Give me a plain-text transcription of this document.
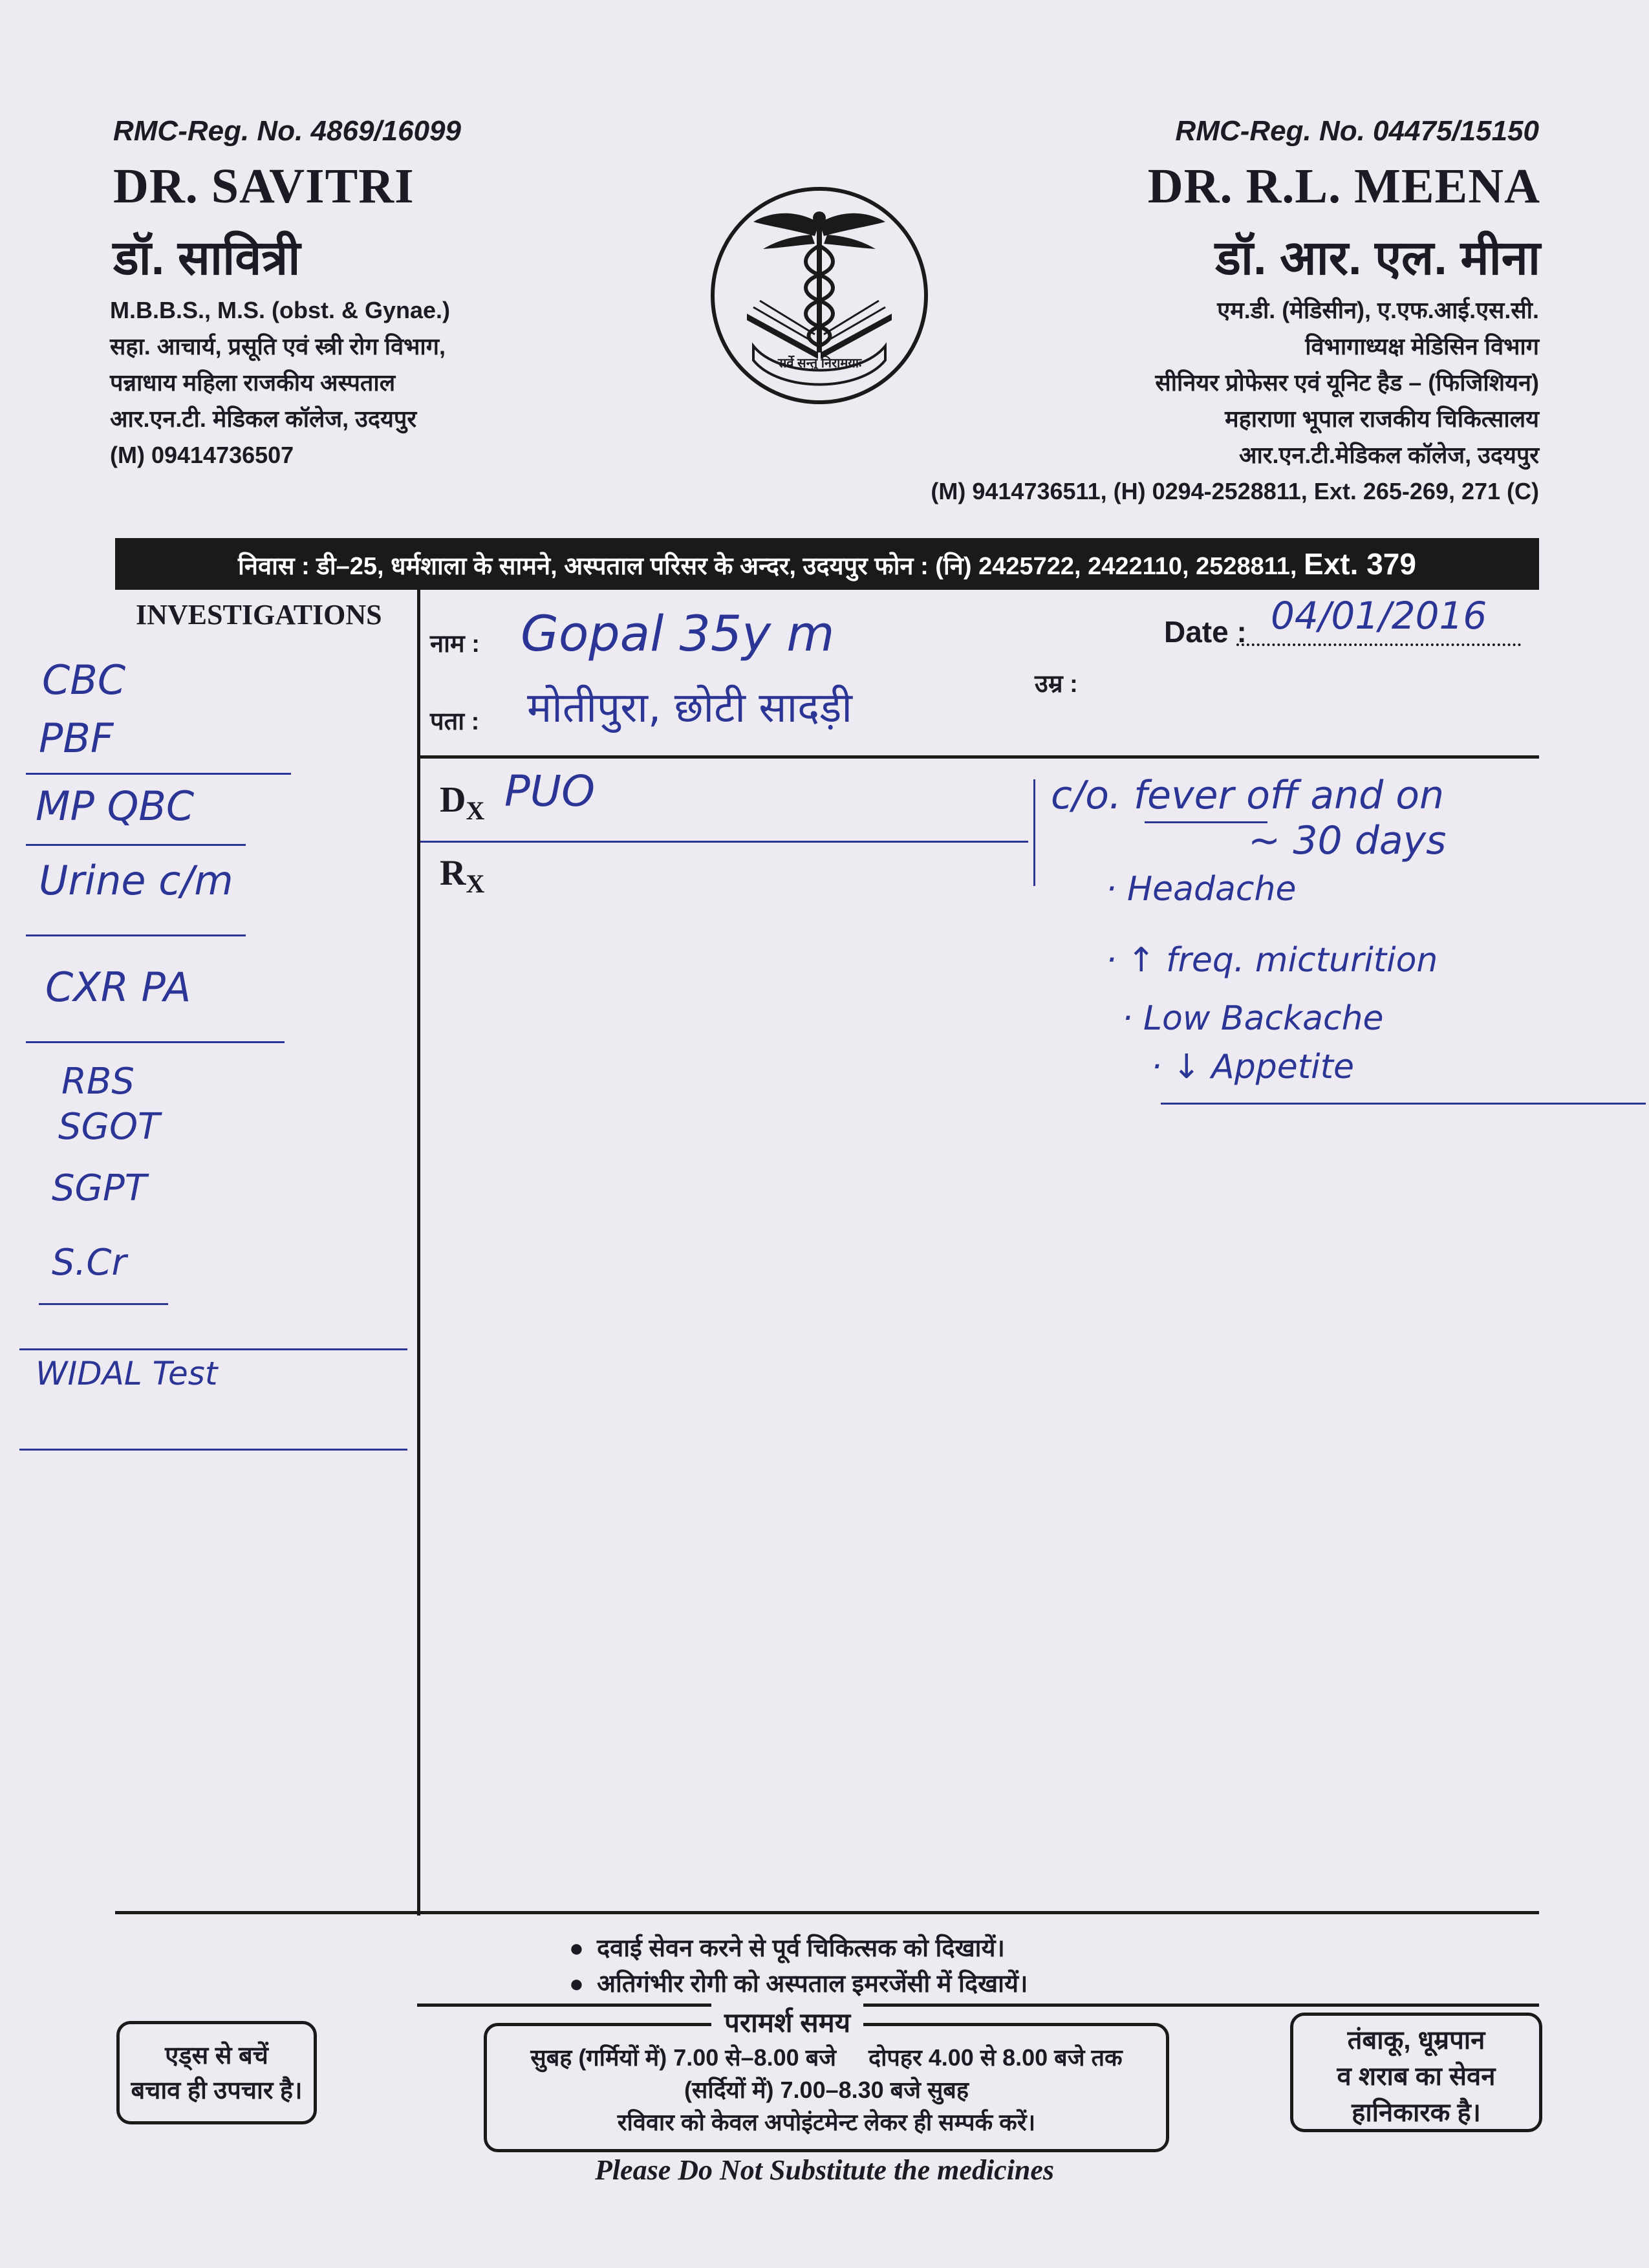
RMC-Reg. No. 4869/16099
DR. SAVITRI
डॉ. सावित्री
M.B.B.S., M.S. (obst. & Gynae.)
सहा. आचार्य, प्रसूति एवं स्त्री रोग विभाग,
पन्नाधाय महिला राजकीय अस्पताल
आर.एन.टी. मेडिकल कॉलेज, उदयपुर
(M) 09414736507
सर्वे सन्तु निरामयाः
RMC-Reg. No. 04475/15150
DR. R.L. MEENA
डॉ. आर. एल. मीना
एम.डी. (मेडिसीन), ए.एफ.आई.एस.सी.
विभागाध्यक्ष मेडिसिन विभाग
सीनियर प्रोफेसर एवं यूनिट हैड – (फिजिशियन)
महाराणा भूपाल राजकीय चिकित्सालय
आर.एन.टी.मेडिकल कॉलेज, उदयपुर
(M) 9414736511, (H) 0294-2528811, Ext. 265-269, 271 (C)
निवास : डी–25, धर्मशाला के सामने, अस्पताल परिसर के अन्दर, उदयपुर फोन : (नि) 2425722, 2422110, 2528811, Ext. 379
INVESTIGATIONS
CBC
PBF
MP QBC
Urine c/m
CXR PA
RBS
SGOT
SGPT
S.Cr
WIDAL Test
नाम : Gopal 35y m
उम्र :
पता : मोतीपुरा, छोटी सादड़ी
Date : 04/01/2016
$D_X$ PUO
$R_X$
c/o. fever off and on
~ 30 days
· Headache
· ↑ freq. micturition
· Low Backache
· ↓ Appetite
● दवाई सेवन करने से पूर्व चिकित्सक को दिखायें।
● अतिगंभीर रोगी को अस्पताल इमरजेंसी में दिखायें।
एड्स से बचें
बचाव ही उपचार है।
सुबह (गर्मियों में) 7.00 से–8.00 बजे     दोपहर 4.00 से 8.00 बजे तक
(सर्दियों में) 7.00–8.30 बजे सुबह
रविवार को केवल अपोइंटमेन्ट लेकर ही सम्पर्क करें।
परामर्श समय
तंबाकू, धूम्रपान
व शराब का सेवन
हानिकारक है।
Please Do Not Substitute the medicines
